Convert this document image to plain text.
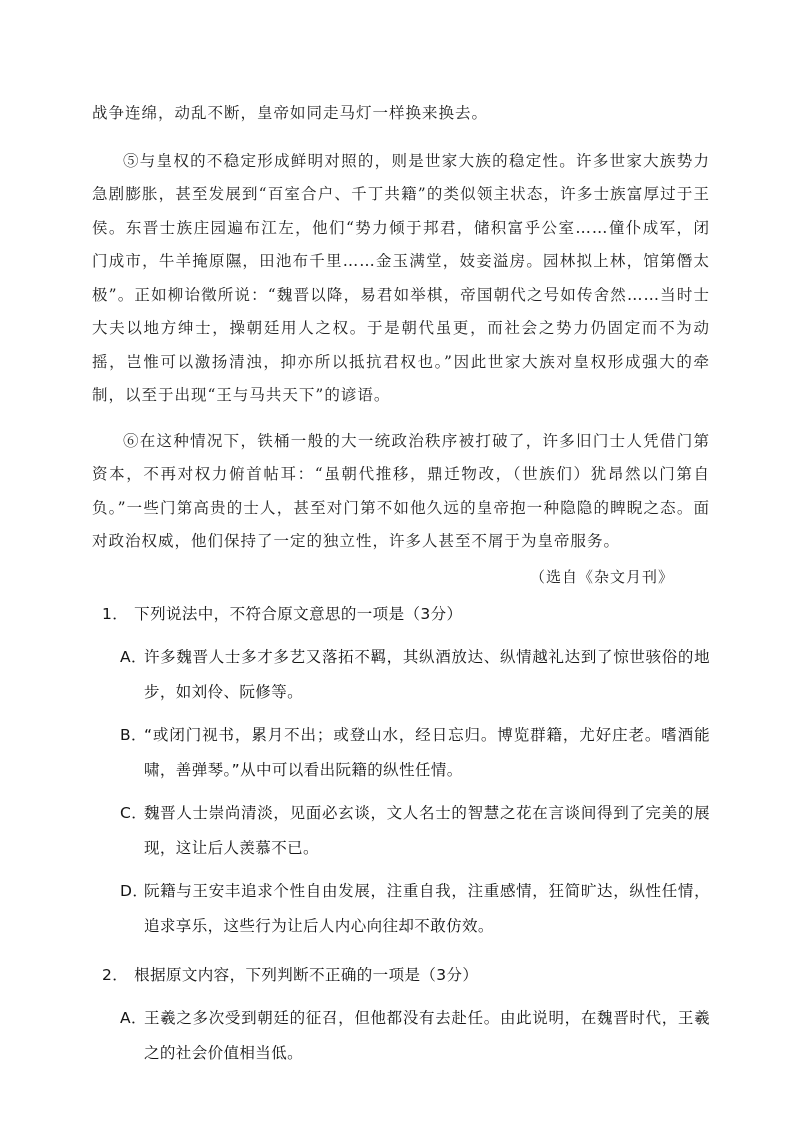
战争连绵，动乱不断，皇帝如同走马灯一样换来换去。

⑤与皇权的不稳定形成鲜明对照的，则是世家大族的稳定性。许多世家大族势力急剧膨胀，甚至发展到“百室合户、千丁共籍”的类似领主状态，许多士族富厚过于王侯。东晋士族庄园遍布江左，他们“势力倾于邦君，储积富乎公室……僮仆成军，闭门成市，牛羊掩原隰，田池布千里……金玉满堂，妓妾溢房。园林拟上林，馆第僭太极”。正如柳诒徵所说：“魏晋以降，易君如举棋，帝国朝代之号如传舍然……当时士大夫以地方绅士，操朝廷用人之权。于是朝代虽更，而社会之势力仍固定而不为动摇，岂惟可以激扬清浊，抑亦所以抵抗君权也。”因此世家大族对皇权形成强大的牵制，以至于出现“王与马共天下”的谚语。

⑥在这种情况下，铁桶一般的大一统政治秩序被打破了，许多旧门士人凭借门第资本，不再对权力俯首帖耳：“虽朝代推移，鼎迁物改，（世族们）犹昂然以门第自负。”一些门第高贵的士人，甚至对门第不如他久远的皇帝抱一种隐隐的睥睨之态。面对政治权威，他们保持了一定的独立性，许多人甚至不屑于为皇帝服务。

（选自《杂文月刊》

1． 下列说法中，不符合原文意思的一项是（3分）

A．
许多魏晋人士多才多艺又落拓不羁，其纵酒放达、纵情越礼达到了惊世骇俗的地步，如刘伶、阮修等。
B．
“或闭门视书，累月不出；或登山水，经日忘归。博览群籍，尤好庄老。嗜酒能啸，善弹琴。”从中可以看出阮籍的纵性任情。
C．
魏晋人士崇尚清淡，见面必玄谈，文人名士的智慧之花在言谈间得到了完美的展现，这让后人羡慕不已。
D．
阮籍与王安丰追求个性自由发展，注重自我，注重感情，狂简旷达，纵性任情，追求享乐，这些行为让后人内心向往却不敢仿效。

2． 根据原文内容，下列判断不正确的一项是（3分）

A．
王羲之多次受到朝廷的征召，但他都没有去赴任。由此说明，在魏晋时代，王羲之的社会价值相当低。
